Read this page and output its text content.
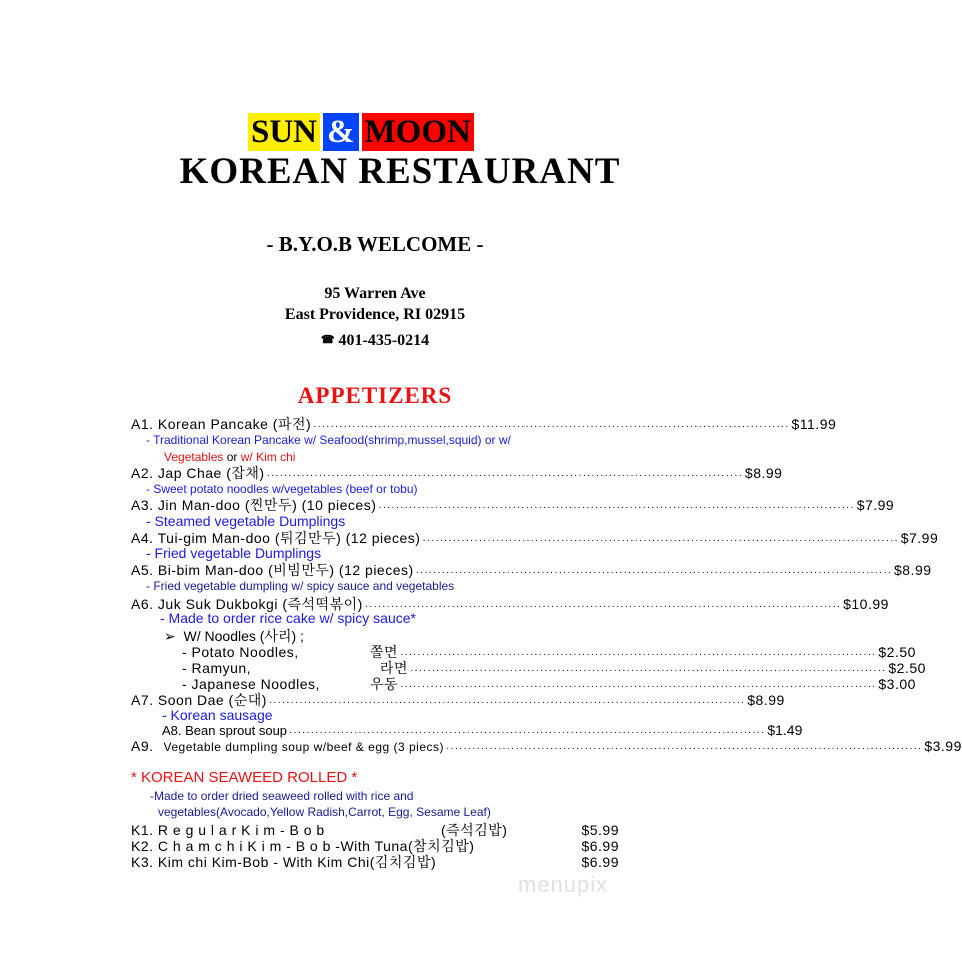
SUN & MOON
KOREAN RESTAURANT
- B.Y.O.B WELCOME -
95 Warren Ave
East Providence, RI 02915
☎ 401-435-0214
APPETIZERS
A1. Korean Pancake (파전) ·············································································································· $11.99
- Traditional Korean Pancake w/ Seafood(shrimp,mussel,squid) or w/
Vegetables or w/ Kim chi
A2. Jap Chae (잡채) ·············································································································· $8.99
- Sweet potato noodles w/vegetables (beef or tobu)
A3. Jin Man-doo (찐만두) (10 pieces) ·············································································································· $7.99
- Steamed vegetable Dumplings
A4. Tui-gim Man-doo (튀김만두) (12 pieces) ·············································································································· $7.99
- Fried vegetable Dumplings
A5. Bi-bim Man-doo (비빔만두) (12 pieces) ·············································································································· $8.99
- Fried vegetable dumpling w/ spicy sauce and vegetables
A6. Juk Suk Dukbokgi (즉석떡볶이) ·············································································································· $10.99
- Made to order rice cake w/ spicy sauce*
➢ W/ Noodles (사리) ;
- Potato Noodles,	쫄면 ·············································································································· $2.50
- Ramyun,	라면 ·············································································································· $2.50
- Japanese Noodles,	우동 ·············································································································· $3.00
A7. Soon Dae (순대) ·············································································································· $8.99
- Korean sausage
A8. Bean sprout soup ·············································································································· $1.49
A9. Vegetable dumpling soup w/beef & egg (3 piecs) ·············································································································· $3.99
* KOREAN SEAWEED ROLLED *
-Made to order dried seaweed rolled with rice and
vegetables(Avocado,Yellow Radish,Carrot, Egg, Sesame Leaf)
K1. R e g u l a r K i m - B o b	(즉석김밥)	$5.99
K2. C h a m c h i K i m - B o b -With Tuna (참치김밥)	$6.99
K3. Kim chi Kim-Bob - With Kim Chi (김치김밥)	$6.99
menupix
